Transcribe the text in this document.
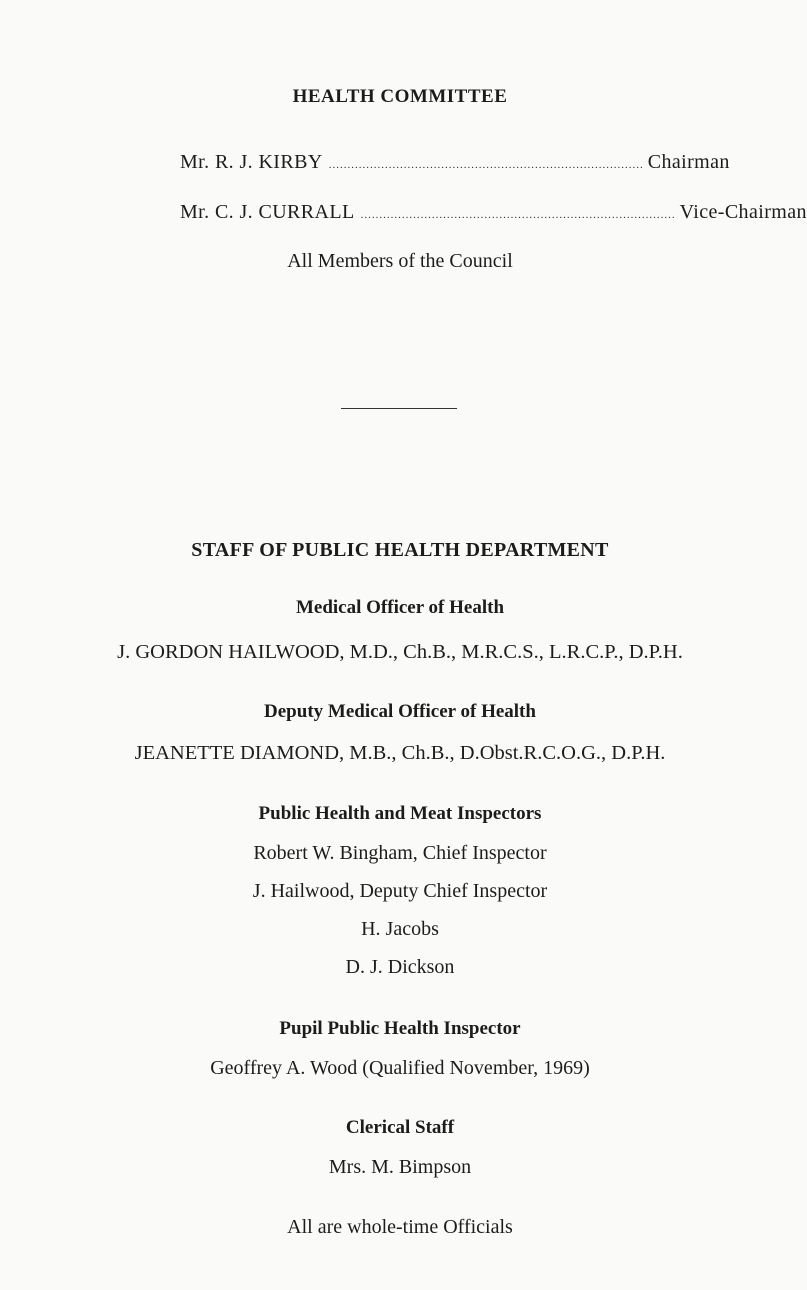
HEALTH COMMITTEE
Mr. R. J. KIRBY .................................................................................... Chairman
Mr. C. J. CURRALL .................................................................................... Vice-Chairman
All Members of the Council
STAFF OF PUBLIC HEALTH DEPARTMENT
Medical Officer of Health
J. GORDON HAILWOOD, M.D., Ch.B., M.R.C.S., L.R.C.P., D.P.H.
Deputy Medical Officer of Health
JEANETTE DIAMOND, M.B., Ch.B., D.Obst.R.C.O.G., D.P.H.
Public Health and Meat Inspectors
Robert W. Bingham, Chief Inspector
J. Hailwood, Deputy Chief Inspector
H. Jacobs
D. J. Dickson
Pupil Public Health Inspector
Geoffrey A. Wood (Qualified November, 1969)
Clerical Staff
Mrs. M. Bimpson
All are whole-time Officials
